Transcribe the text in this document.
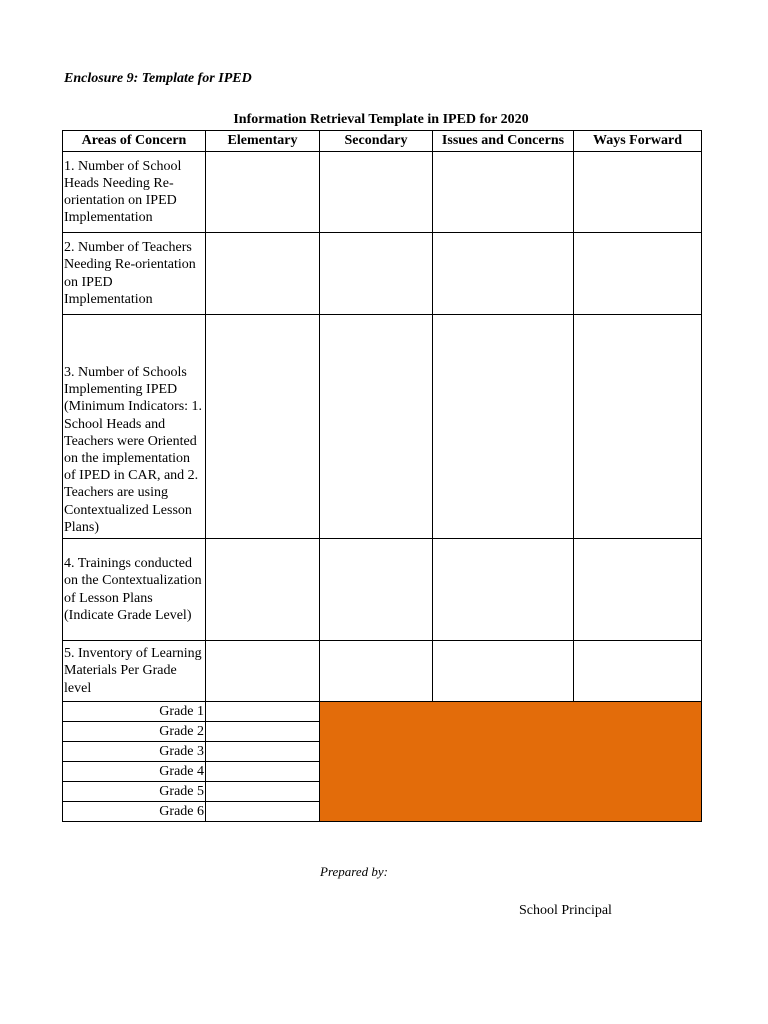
Enclosure 9: Template for IPED
Information Retrieval Template in IPED for 2020
Areas of Concern	Elementary	Secondary	Issues and Concerns	Ways Forward
1. Number of School Heads Needing Re-orientation on IPED Implementation				
2. Number of Teachers Needing Re-orientation on IPED Implementation				
3. Number of Schools Implementing IPED (Minimum Indicators: 1. School Heads and Teachers were Oriented on the implementation of IPED in CAR, and 2. Teachers are using Contextualized Lesson Plans)				
4. Trainings conducted on the Contextualization of Lesson Plans (Indicate Grade Level)				
5. Inventory of Learning Materials Per Grade level				
Grade 1				
Grade 2				
Grade 3				
Grade 4				
Grade 5				
Grade 6				
Prepared by:
School Principal
